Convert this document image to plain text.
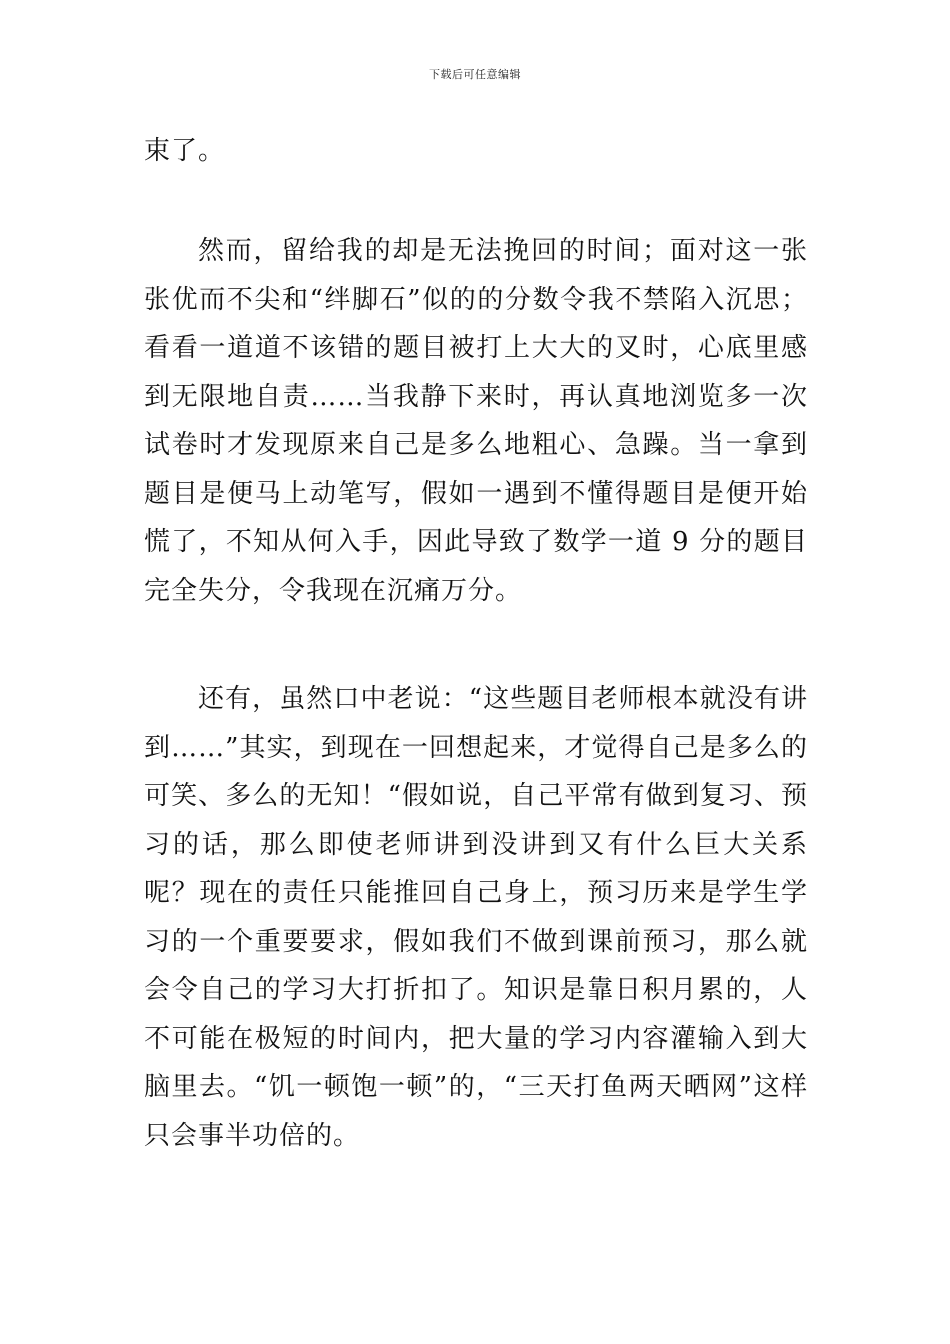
下载后可任意编辑

束了。

然而，留给我的却是无法挽回的时间；面对这一张张优而不尖和“绊脚石”似的的分数令我不禁陷入沉思；看看一道道不该错的题目被打上大大的叉时，心底里感到无限地自责……当我静下来时，再认真地浏览多一次试卷时才发现原来自己是多么地粗心、急躁。当一拿到题目是便马上动笔写，假如一遇到不懂得题目是便开始慌了，不知从何入手，因此导致了数学一道 9 分的题目完全失分，令我现在沉痛万分。

还有，虽然口中老说：“这些题目老师根本就没有讲到……”其实，到现在一回想起来，才觉得自己是多么的可笑、多么的无知！“假如说，自己平常有做到复习、预习的话，那么即使老师讲到没讲到又有什么巨大关系呢？现在的责任只能推回自己身上，预习历来是学生学习的一个重要要求，假如我们不做到课前预习，那么就会令自己的学习大打折扣了。知识是靠日积月累的，人不可能在极短的时间内，把大量的学习内容灌输入到大脑里去。“饥一顿饱一顿”的，“三天打鱼两天晒网”这样只会事半功倍的。
